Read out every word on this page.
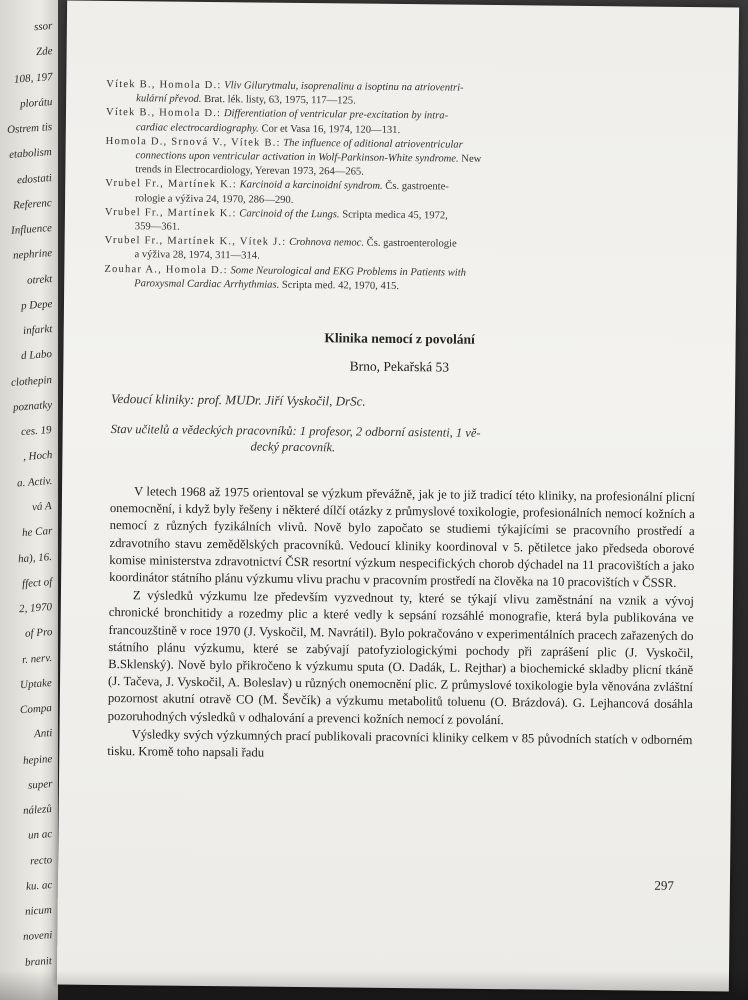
ssor
Zde
108, 197
plorátu
Ostrem tis
etabolism
edostati
Referenc
Influence
nephrine
otrekt
p Depe
infarkt
d Labo
clothepin
poznatky
ces. 19
, Hoch
a. Activ.
vá A
he Car
ha), 16.
ffect of
2, 1970
of Pro
r. nerv.
Uptake
Compa
Anti
hepine
super
nálezů
un ac
recto
ku. ac
nicum
noveni
branit
Vítek B., Homola D.: Vliv Gilurytmalu, isoprenalinu a isoptinu na atrioventri-
kulární převod. Brat. lék. listy, 63, 1975, 117—125.
Vítek B., Homola D.: Differentiation of ventricular pre-excitation by intra-
cardiac electrocardiography. Cor et Vasa 16, 1974, 120—131.
Homola D., Srnová V., Vítek B.: The influence of aditional atrioventricular
connections upon ventricular activation in Wolf-Parkinson-White syndrome. New
trends in Electrocardiology, Yerevan 1973, 264—265.
Vrubel Fr., Martínek K.: Karcinoid a karcinoidní syndrom. Čs. gastroente-
rologie a výživa 24, 1970, 286—290.
Vrubel Fr., Martínek K.: Carcinoid of the Lungs. Scripta medica 45, 1972,
359—361.
Vrubel Fr., Martínek K., Vítek J.: Crohnova nemoc. Čs. gastroenterologie
a výživa 28, 1974, 311—314.
Zouhar A., Homola D.: Some Neurological and EKG Problems in Patients with
Paroxysmal Cardiac Arrhythmias. Scripta med. 42, 1970, 415.
Klinika nemocí z povolání
Brno, Pekařská 53
Vedoucí kliniky: prof. MUDr. Jiří Vyskočil, DrSc.
Stav učitelů a vědeckých pracovníků: 1 profesor, 2 odborní asistenti, 1 vě-
decký pracovník.

V letech 1968 až 1975 orientoval se výzkum převážně, jak je to již tradicí této kliniky, na profesionální plicní onemocnění, i když byly řešeny i některé dílčí otázky z průmyslové toxikologie, profesionálních nemocí kožních a nemocí z různých fyzikálních vlivů. Nově bylo započato se studiemi týkajícími se pracovního prostředí a zdravotního stavu zemědělských pracovníků. Vedoucí kliniky koordinoval v 5. pětiletce jako předseda oborové komise ministerstva zdravotnictví ČSR resortní výzkum nespecifických chorob dýchadel na 11 pracovištích a jako koordinátor státního plánu výzkumu vlivu prachu v pracovním prostředí na člověka na 10 pracovištích v ČSSR.

Z výsledků výzkumu lze především vyzvednout ty, které se týkají vlivu zaměstnání na vznik a vývoj chronické bronchitidy a rozedmy plic a které vedly k sepsání rozsáhlé monografie, která byla publikována ve francouzštině v roce 1970 (J. Vyskočil, M. Navrátil). Bylo pokračováno v experimentálních pracech zařazených do státního plánu výzkumu, které se zabývají patofyziologickými pochody při zaprášení plic (J. Vyskočil, B.Sklenský). Nově bylo přikročeno k výzkumu sputa (O. Dadák, L. Rejthar) a biochemické skladby plicní tkáně (J. Tačeva, J. Vyskočil, A. Boleslav) u různých onemocnění plic. Z průmyslové toxikologie byla věnována zvláštní pozornost akutní otravě CO (M. Ševčík) a výzkumu metabolitů toluenu (O. Brázdová). G. Lejhancová dosáhla pozoruhodných výsledků v odhalování a prevenci kožních nemocí z povolání.

Výsledky svých výzkumných prací publikovali pracovníci kliniky celkem v 85 původních statích v odborném tisku. Kromě toho napsali řadu

297
